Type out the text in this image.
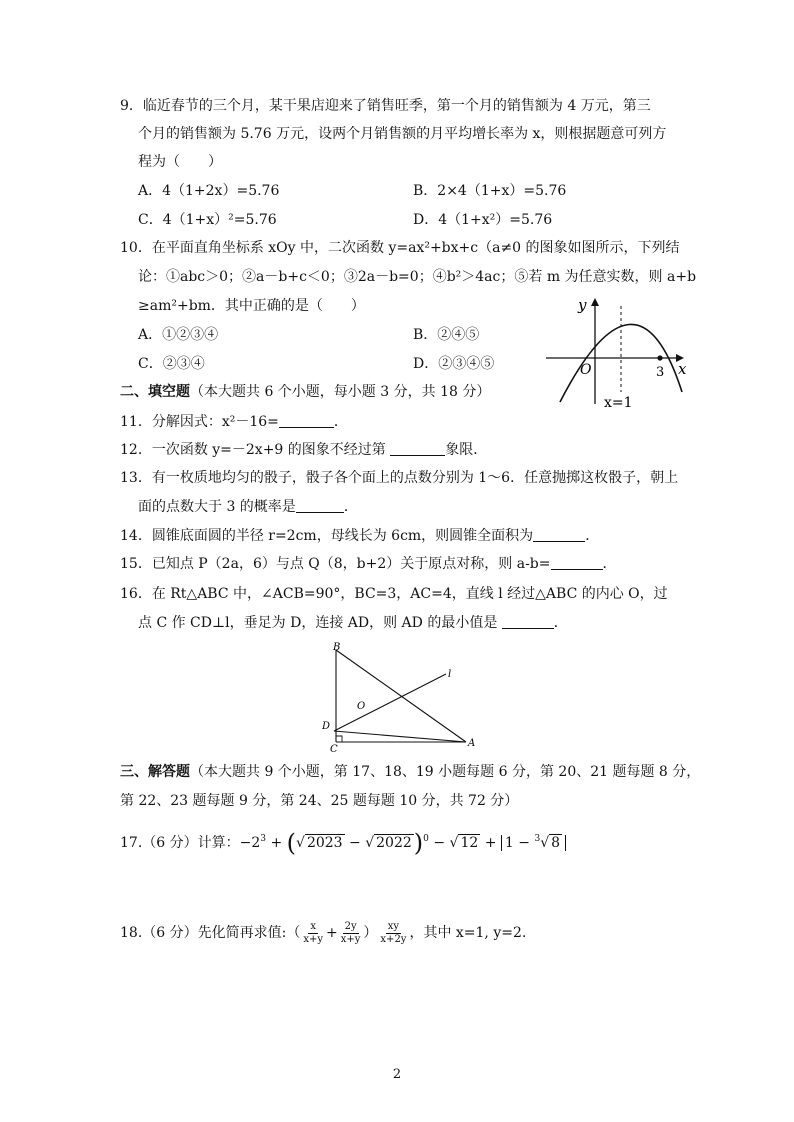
9．临近春节的三个月，某干果店迎来了销售旺季，第一个月的销售额为 4 万元，第三
个月的销售额为 5.76 万元，设两个月销售额的月平均增长率为 x，则根据题意可列方
程为（　　）
A．4（1+2x）=5.76	B．2×4（1+x）=5.76
C．4（1+x）²=5.76	D．4（1+x²）=5.76
10．在平面直角坐标系 xOy 中，二次函数 y=ax²+bx+c（a≠0 的图象如图所示，下列结
论：①abc＞0；②a－b+c＜0；③2a－b=0；④b²＞4ac；⑤若 m 为任意实数，则 a+b
≥am²+bm．其中正确的是（　　）
A．①②③④	B．②④⑤
C．②③④	D．②③④⑤
y
x
O	3
x=1
二、填空题（本大题共 6 个小题，每小题 3 分，共 18 分）
11．分解因式：x²－16=	．
12．一次函数 y=－2x+9 的图象不经过第	象限．
13．有一枚质地均匀的骰子，骰子各个面上的点数分别为 1～6．任意抛掷这枚骰子，朝上
面的点数大于 3 的概率是	．
14．圆锥底面圆的半径 r=2cm，母线长为 6cm，则圆锥全面积为	．
15．已知点 P（2a，6）与点 Q（8，b+2）关于原点对称，则 a-b=	．
16．在 Rt△ABC 中，∠ACB=90°，BC=3，AC=4，直线 l 经过△ABC 的内心 O，过
点 C 作 CD⊥l，垂足为 D，连接 AD，则 AD 的最小值是	．
B
l
O
D
C
A
三、解答题（本大题共 9 个小题，第 17、18、19 小题每题 6 分，第 20、21 题每题 8 分，
第 22、23 题每题 9 分，第 24、25 题每题 10 分，共 72 分）
17.（6 分）计算：$-2^3$ + (√ 2023 − √ 2022)$^0$ − √ 12 + 1 − $^3$√ 8
18.（6 分）先化简再求值:（ $\frac{x}{x+y} + \frac{2y}{x+y}$ ） $\frac{xy}{x+2y}$ ，其中 x=1, y=2.
2
